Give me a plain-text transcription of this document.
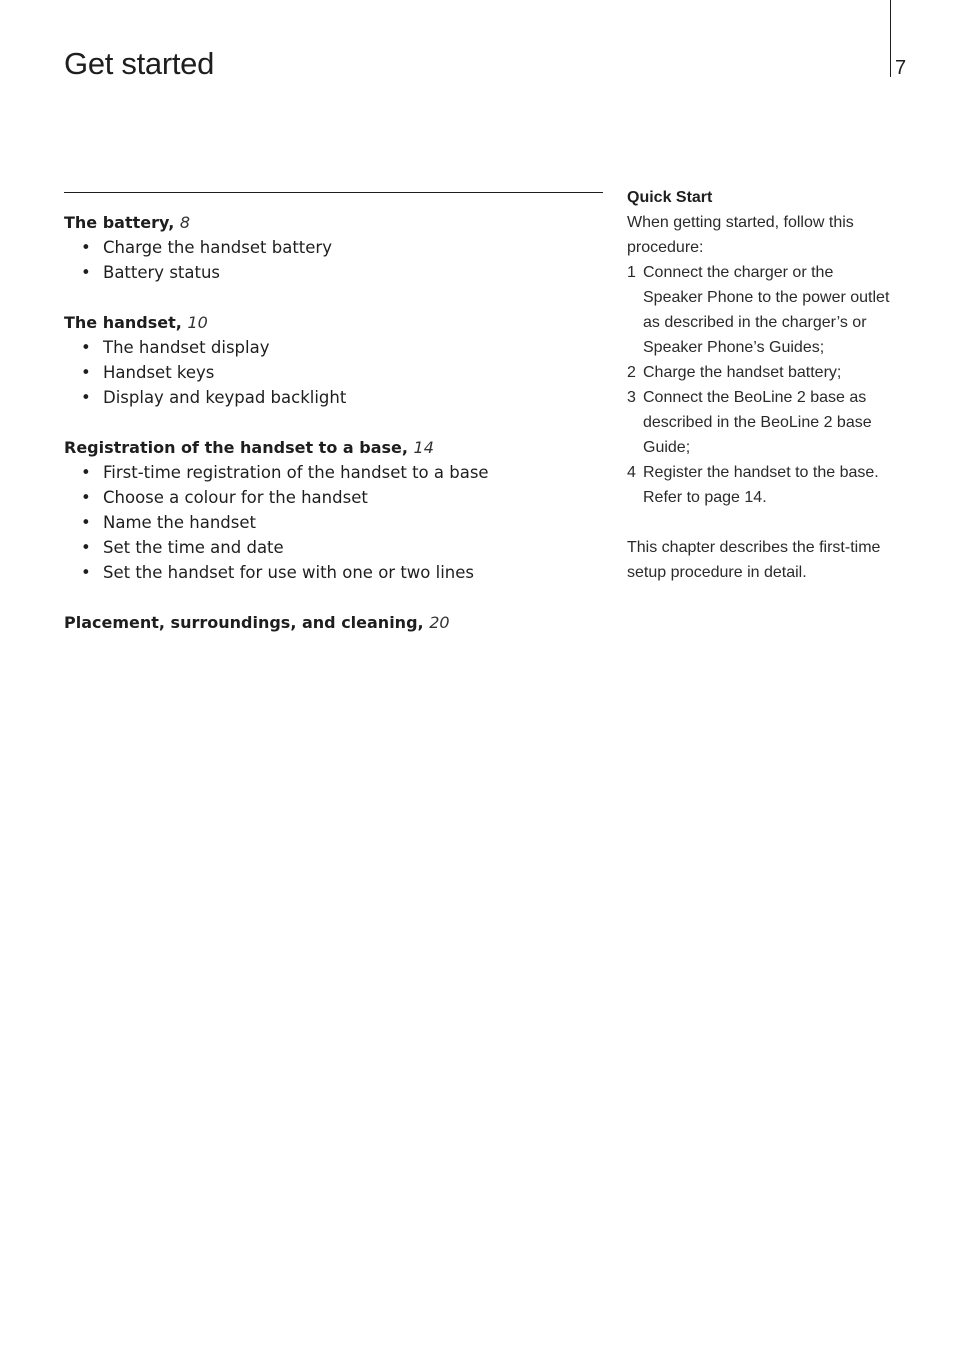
Get started	7

The battery, 8

• Charge the handset battery
• Battery status

The handset, 10

• The handset display
• Handset keys
• Display and keypad backlight

Registration of the handset to a base, 14

• First-time registration of the handset to a base
• Choose a colour for the handset
• Name the handset
• Set the time and date
• Set the handset for use with one or two lines

Placement, surroundings, and cleaning, 20

Quick Start

When getting started, follow this procedure:

1 Connect the charger or the Speaker Phone to the power outlet as described in the charger’s or Speaker Phone’s Guides;
2 Charge the handset battery;
3 Connect the BeoLine 2 base as described in the BeoLine 2 base Guide;
4 Register the handset to the base. Refer to page 14.

This chapter describes the first-time setup procedure in detail.
